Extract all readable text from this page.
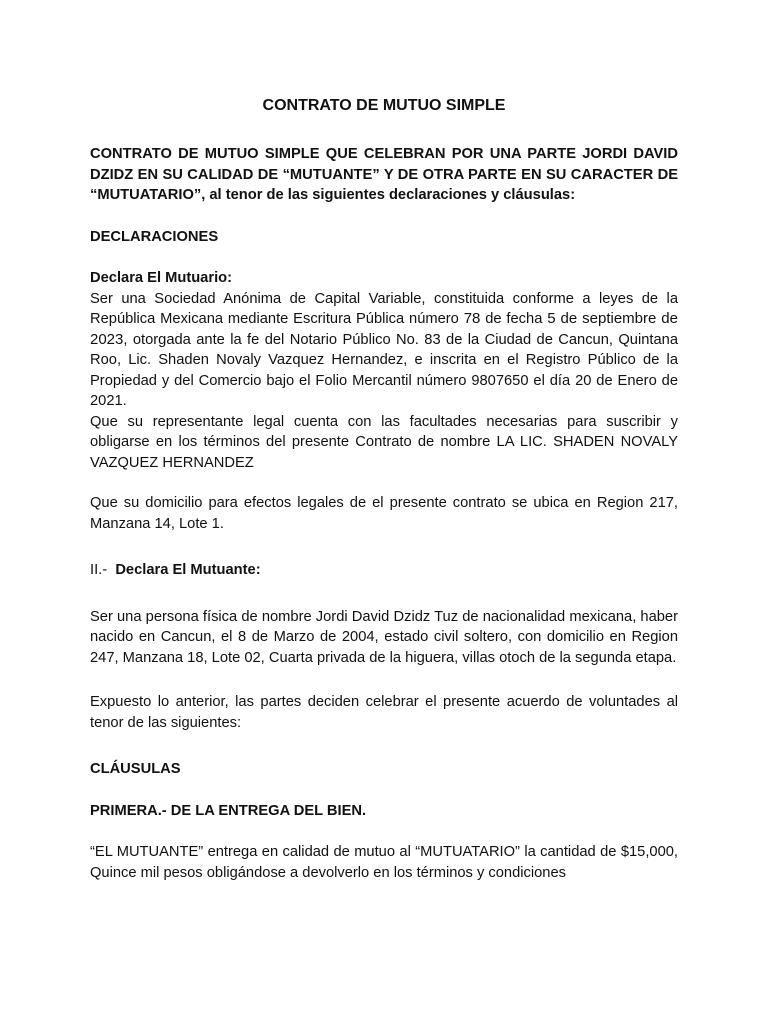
CONTRATO DE MUTUO SIMPLE

CONTRATO DE MUTUO SIMPLE QUE CELEBRAN POR UNA PARTE JORDI DAVID DZIDZ EN SU CALIDAD DE “MUTUANTE” Y DE OTRA PARTE EN SU CARACTER DE “MUTUATARIO”, al tenor de las siguientes declaraciones y cláusulas:

DECLARACIONES
Declara El Mutuario:

Ser una Sociedad Anónima de Capital Variable, constituida conforme a leyes de la República Mexicana mediante Escritura Pública número 78 de fecha 5 de septiembre de 2023, otorgada ante la fe del Notario Público No. 83 de la Ciudad de Cancun, Quintana Roo, Lic. Shaden Novaly Vazquez Hernandez, e inscrita en el Registro Público de la Propiedad y del Comercio bajo el Folio Mercantil número 9807650 el día 20 de Enero de 2021.

Que su representante legal cuenta con las facultades necesarias para suscribir y obligarse en los términos del presente Contrato de nombre LA LIC. SHADEN NOVALY VAZQUEZ HERNANDEZ

Que su domicilio para efectos legales de el presente contrato se ubica en Region 217, Manzana 14, Lote 1.

II.- Declara El Mutuante:

Ser una persona física de nombre Jordi David Dzidz Tuz de nacionalidad mexicana, haber nacido en Cancun, el 8 de Marzo de 2004, estado civil soltero, con domicilio en Region 247, Manzana 18, Lote 02, Cuarta privada de la higuera, villas otoch de la segunda etapa.

Expuesto lo anterior, las partes deciden celebrar el presente acuerdo de voluntades al tenor de las siguientes:

CLÁUSULAS
PRIMERA.- DE LA ENTREGA DEL BIEN.

“EL MUTUANTE” entrega en calidad de mutuo al “MUTUATARIO” la cantidad de $15,000, Quince mil pesos obligándose a devolverlo en los términos y condiciones
